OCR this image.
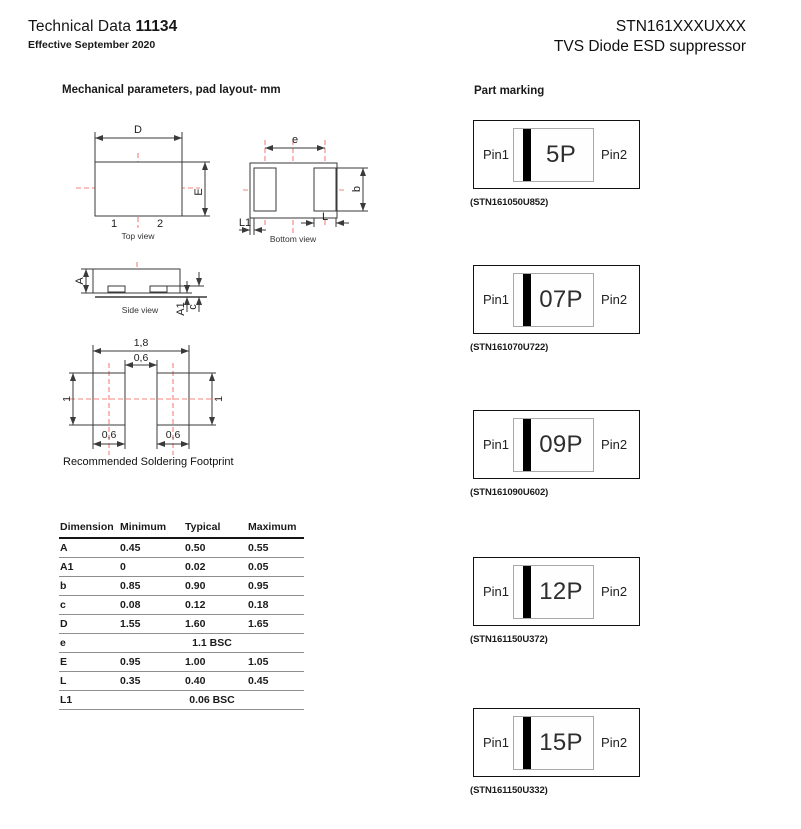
Technical Data 11134
Effective September 2020
STN161XXXUXXX
TVS Diode ESD suppressor
Mechanical parameters, pad layout- mm	Part marking
D
E
1	2
Top view
e
b
L
L1
Bottom view
A
A1 c
Side view
1,8
0,6
1	1
0,6	0,6
Recommended Soldering Footprint
Dimension	Minimum	Typical	Maximum
A	0.45	0.50	0.55
A1	0	0.02	0.05
b	0.85	0.90	0.95
c	0.08	0.12	0.18
D	1.55	1.60	1.65
e	1.1 BSC		
E	0.95	1.00	1.05
L	0.35	0.40	0.45
L1	0.06 BSC		
Pin1	5P	Pin2
(STN161050U852)
Pin1	07P	Pin2
(STN161070U722)
Pin1	09P	Pin2
(STN161090U602)
Pin1	12P	Pin2
(STN161150U372)
Pin1	15P	Pin2
(STN161150U332)
